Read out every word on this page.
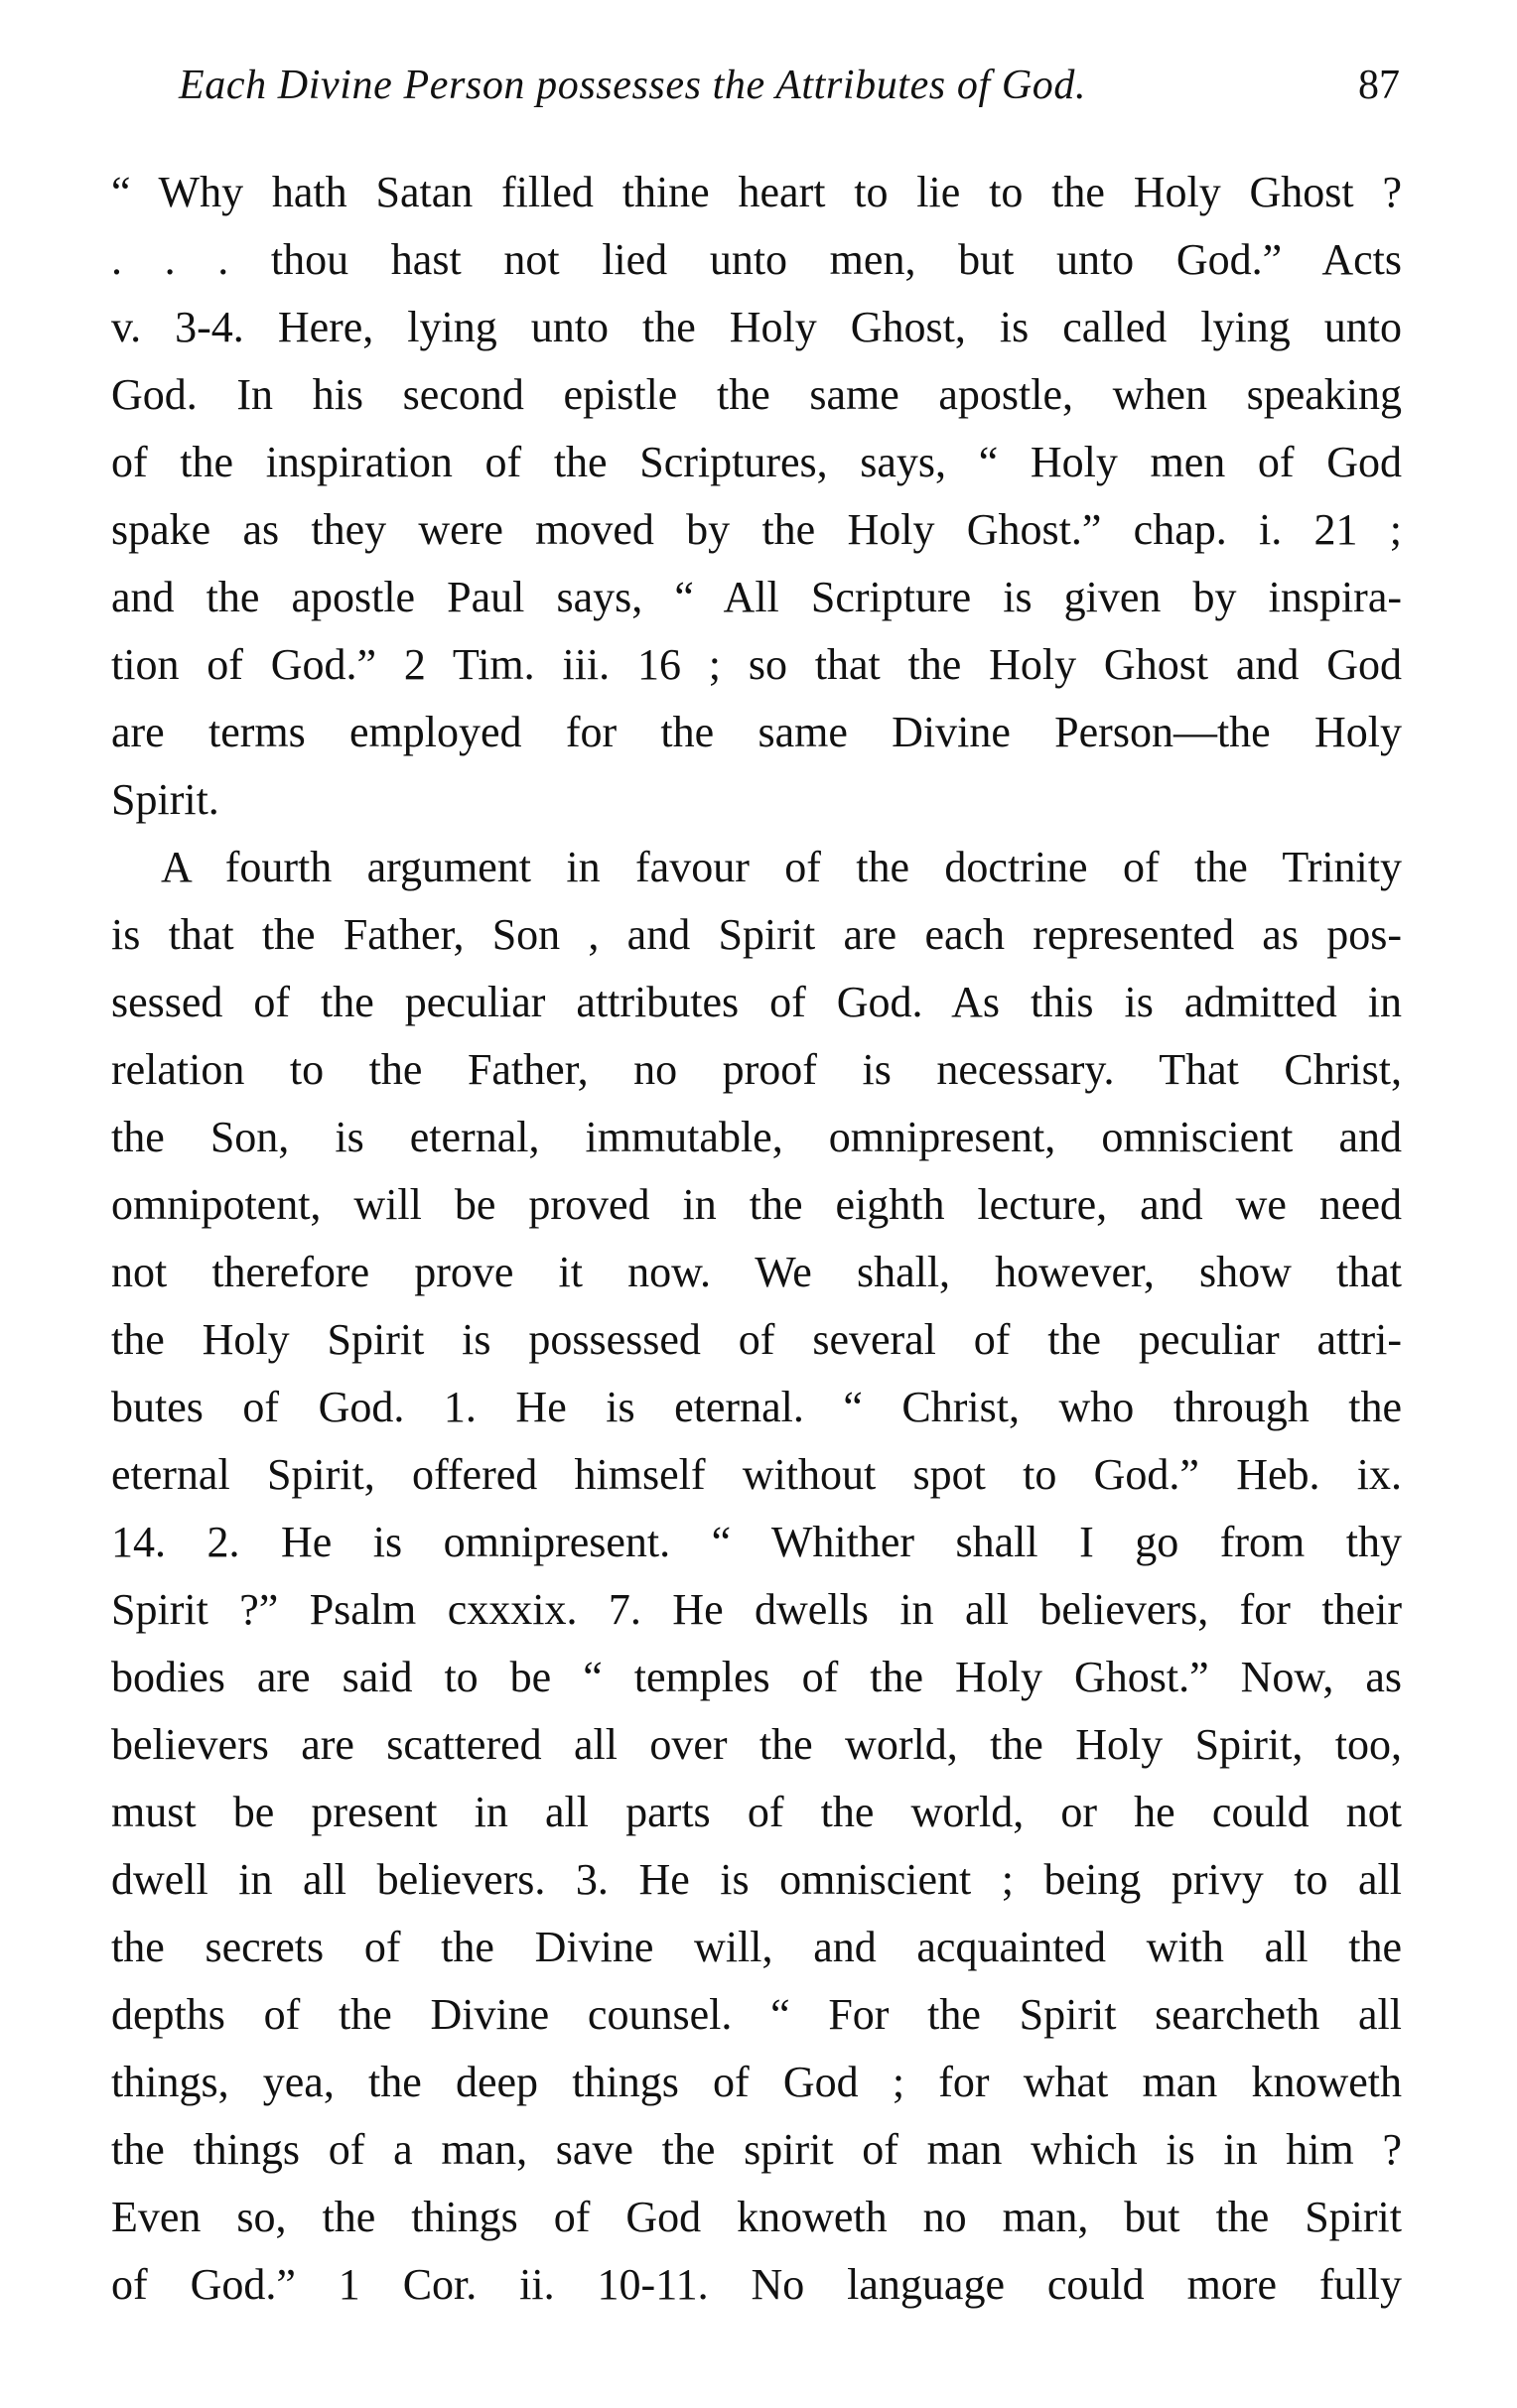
Each Divine Person possesses the Attributes of God.	87
“ Why hath Satan filled thine heart to lie to the Holy Ghost ?
. . . thou hast not lied unto men, but unto God.” Acts
v. 3-4. Here, lying unto the Holy Ghost, is called lying unto
God. In his second epistle the same apostle, when speaking
of the inspiration of the Scriptures, says, “ Holy men of God
spake as they were moved by the Holy Ghost.” chap. i. 21 ;
and the apostle Paul says, “ All Scripture is given by inspira-
tion of God.” 2 Tim. iii. 16 ; so that the Holy Ghost and God
are terms employed for the same Divine Person—the Holy
Spirit.
A fourth argument in favour of the doctrine of the Trinity
is that the Father, Son , and Spirit are each represented as pos-
sessed of the peculiar attributes of God. As this is admitted in
relation to the Father, no proof is necessary. That Christ,
the Son, is eternal, immutable, omnipresent, omniscient and
omnipotent, will be proved in the eighth lecture, and we need
not therefore prove it now. We shall, however, show that
the Holy Spirit is possessed of several of the peculiar attri-
butes of God. 1. He is eternal. “ Christ, who through the
eternal Spirit, offered himself without spot to God.” Heb. ix.
14. 2. He is omnipresent. “ Whither shall I go from thy
Spirit ?” Psalm cxxxix. 7. He dwells in all believers, for their
bodies are said to be “ temples of the Holy Ghost.” Now, as
believers are scattered all over the world, the Holy Spirit, too,
must be present in all parts of the world, or he could not
dwell in all believers. 3. He is omniscient ; being privy to all
the secrets of the Divine will, and acquainted with all the
depths of the Divine counsel. “ For the Spirit searcheth all
things, yea, the deep things of God ; for what man knoweth
the things of a man, save the spirit of man which is in him ?
Even so, the things of God knoweth no man, but the Spirit
of God.” 1 Cor. ii. 10-11. No language could more fully
